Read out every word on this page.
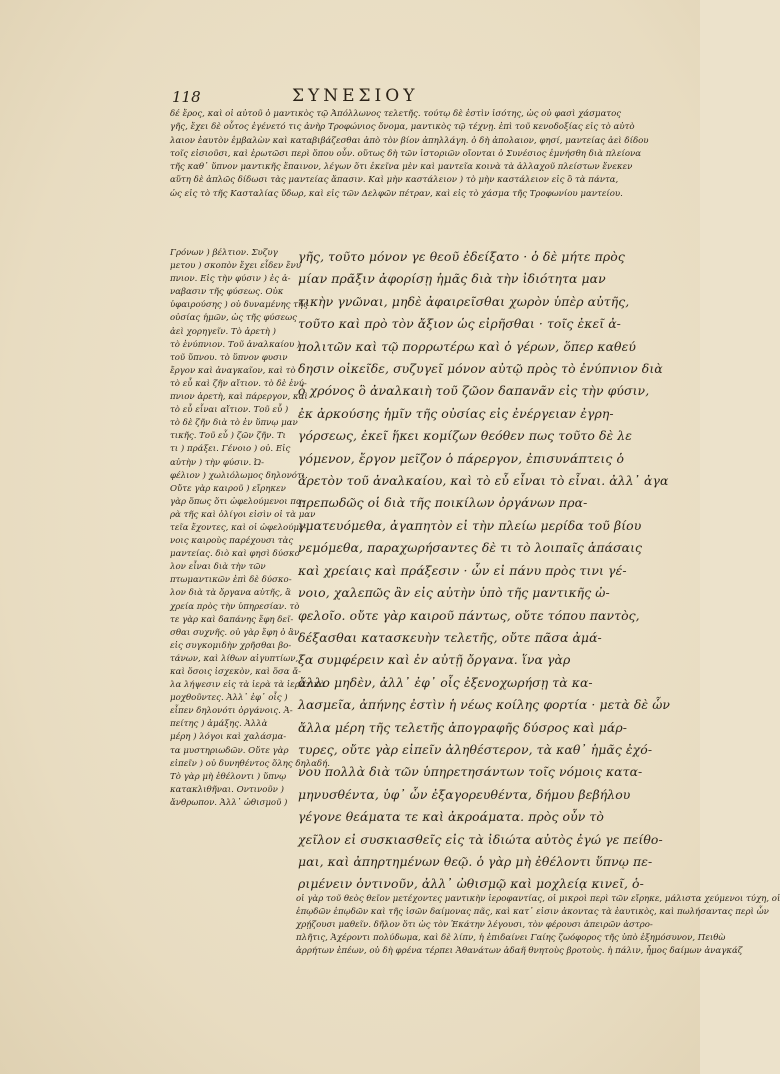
118	ΣΥΝΕΣΙΟΥ
δέ ἔρος, καὶ οἱ αὐτοῦ ὁ μαντικὸς τῷ Ἀπόλλωνος τελετῆς. τούτῳ δὲ ἐστὶν ἰσότης, ὡς οὐ φασὶ χάσματος
γῆς, ἔχει δὲ οὗτος ἐγένετό τις ἀνὴρ Τροφώνιος ὄνομα, μαντικὸς τῷ τέχνῃ. ἐπὶ τοῦ κενοδοξίας εἰς τὸ αὐτὸ
λαιον ἑαυτὸν ἐμβαλὼν καὶ καταβιβάζεσθαι ἀπὸ τὸν βίον ἀπηλλάγη. ὁ δὴ ἀπολαιον, φησί, μαντείας ἀεὶ δίδου
τοῖς εἰσιοῦσι, καὶ ἐρωτῶσι περὶ ὅπου οὖν. οὕτως δὴ τῶν ἱστοριῶν οἴονται ὁ Συνέσιος ἐμνήσθη διὰ πλείονα
τῆς καθ᾽ ὕπνον μαντικῆς ἔπαινον, λέγων ὅτι ἐκεῖνα μὲν καὶ μαντεῖα κοινὰ τὰ ἀλλαχοῦ πλείστων ἕνεκεν
αὕτη δὲ ἁπλῶς δίδωσι τὰς μαντείας ἅπασιν. Καὶ μὴν καστάλειον ) τὸ μὴν καστάλειον εἰς ὃ τὰ πάντα,
ὡς εἰς τὸ τῆς Κασταλίας ὕδωρ, καὶ εἰς τῶν Δελφῶν πέτραν, καὶ εἰς τὸ χάσμα τῆς Τροφωνίου μαντείου.
Γρόνων ) βέλτιον. Συζυγ
μετου ) σκοπὸν ἔχει εἶδεν ἔνυ
πνιον. Εἰς τὴν φύσιν ) ἐς ἀ-
ναβασιν τῆς φύσεως. Οὐκ
ὑφαιρούσης ) οὐ δυναμένης τῆς
οὐσίας ἡμῶν, ὡς τῆς φύσεως
ἀεὶ χορηγεῖν. Τὸ ἀρετὴ )
τὸ ἐνύπνιον. Τοῦ ἀναλκαίου )
τοῦ ὕπνου. τὸ ὕπνον φυσιν
ἔργον καὶ ἀναγκαῖον, καὶ τὸ
τὸ εὖ καὶ ζῆν αἴτιον. τὸ δὲ ἐνύ-
πνιον ἀρετὴ, καὶ πάρεργον, καὶ
τὸ εὖ εἶναι αἴτιον. Τοῦ εὖ )
τὸ δὲ ζῆν διὰ τὸ ἐν ὕπνῳ μαν
τικῆς. Τοῦ εὖ ) ζῶν ζῆν. Τι
τι ) πράξει. Γένοιο ) οὐ. Εἰς
αὐτὴν ) τὴν φύσιν. Ὠ-
φέλιον ) χωλιόλωμος δηλονότι.
Οὔτε γὰρ καιροῦ ) εἴρηκεν
γὰρ ὅπως ὅτι ὠφελούμενοι πα-
ρὰ τῆς καὶ ὀλίγοι εἰσὶν οἱ τὰ μαν
τεῖα ἔχοντες, καὶ οἱ ὠφελούμε-
νοις καιροὺς παρέχουσι τὰς
μαντείας. διὸ καὶ φησὶ δύσκο
λον εἶναι διὰ τὴν τῶν
πτωμαντικῶν ἐπὶ δὲ δύσκο-
λον διὰ τὰ ὄργανα αὐτῆς, ἃ
χρεία πρὸς τὴν ὑπηρεσίαν. τὸ
τε γὰρ καὶ δαπάνης ἔφη δεῖ-
σθαι συχνῆς. οὐ γὰρ ἔφη ὁ ἂν
εἰς συγκομιδὴν χρῆσθαι βο-
τάνων, καὶ λίθων αἰγυπτίων,
καὶ ὅσοις ἰσχεκὸν, καὶ ὅσα ἄ-
λα λήψεσιν εἰς τὰ ἱερὰ τὰ ἱερατικὰ
μοχθοῦντες. Ἀλλ᾽ ἐφ᾽ οἷς )
εἶπεν δηλονότι ὀργάνοις. Ἀ-
πείτης ) ἀμάξης. Ἀλλὰ
μέρη ) λόγοι καὶ χαλάσμα-
τα μυστηριωδῶν. Οὔτε γὰρ
εἰπεῖν ) οὐ δυνηθέντος ὅλης δηλαδή.
Τὸ γὰρ μὴ ἐθέλοντι ) ὕπνῳ
κατακλιθῆναι. Οντινοῦν )
ἄνθρωπον. Ἀλλ᾽ ὠθισμοῦ )
γῆς, τοῦτο μόνον γε θεοῦ ἐδείξατο · ὁ δὲ μήτε πρὸς
μίαν πρᾶξιν ἀφορίσῃ ἡμᾶς διὰ τὴν ἰδιότητα μαν
τικὴν γνῶναι, μηδὲ ἀφαιρεῖσθαι χωρὸν ὑπὲρ αὐτῆς,
τοῦτο καὶ πρὸ τὸν ἄξιον ὡς εἰρῆσθαι · τοῖς ἐκεῖ ἀ-
πολιτῶν καὶ τῷ πορρωτέρω καὶ ὁ γέρων, ὅπερ καθεύ
δησιν οἰκεῖδε, συζυγεῖ μόνον αὐτῷ πρὸς τὸ ἐνύπνιον διὰ
ὁ χρόνος ὃ ἀναλκαιὴ τοῦ ζῶον δαπανᾶν εἰς τὴν φύσιν,
ἐκ ἀρκούσης ἡμῖν τῆς οὐσίας εἰς ἐνέργειαν ἐγρη-
γόρσεως, ἐκεῖ ἥκει κομίζων θεόθεν πως τοῦτο δὲ λε
γόμενον, ἔργον μεῖζον ὁ πάρεργον, ἐπισυνάπτεις ὁ
ἀρετὸν τοῦ ἀναλκαίου, καὶ τὸ εὖ εἶναι τὸ εἶναι. ἀλλ᾽ ἀγα
πρεπωδῶς οἱ διὰ τῆς ποικίλων ὀργάνων πρα-
γματευόμεθα, ἀγαπητὸν εἰ τὴν πλείω μερίδα τοῦ βίου
νεμόμεθα, παραχωρήσαντες δὲ τι τὸ λοιπαῖς ἁπάσαις
καὶ χρείαις καὶ πράξεσιν · ὧν εἰ πάνυ πρὸς τινι γέ-
νοιο, χαλεπῶς ἂν εἰς αὐτὴν ὑπὸ τῆς μαντικῆς ὠ-
φελοῖο. οὔτε γὰρ καιροῦ πάντως, οὔτε τόπου παντὸς,
δέξασθαι κατασκευὴν τελετῆς, οὔτε πᾶσα ἀμά-
ξα συμφέρειν καὶ ἐν αὐτῇ ὄργανα. ἵνα γὰρ
ἄλλο μηδὲν, ἀλλ᾽ ἐφ᾽ οἷς ἐξενοχωρήσῃ τὰ κα-
λασμεῖα, ἀπήνης ἐστὶν ἡ νέως κοίλης φορτία · μετὰ δὲ ὧν
ἄλλα μέρη τῆς τελετῆς ἀπογραφῆς δύσρος καὶ μάρ-
τυρες, οὔτε γὰρ εἰπεῖν ἀληθέστερον, τὰ καθ᾽ ἡμᾶς ἐχό-
νου πολλὰ διὰ τῶν ὑπηρετησάντων τοῖς νόμοις κατα-
μηνυσθέντα, ὑφ᾽ ὧν ἐξαγορευθέντα, δήμου βεβήλου
γέγονε θεάματα τε καὶ ἀκροάματα. πρὸς οὖν τὸ
χεῖλον εἰ συσκιασθεῖς εἰς τὰ ἰδιώτα αὐτὸς ἐγώ γε πείθο-
μαι, καὶ ἀπηρτημένων θεῷ. ὁ γὰρ μὴ ἐθέλοντι ὕπνῳ πε-
ριμένειν ὁντινοῦν, ἀλλ᾽ ὠθισμῷ καὶ μοχλείᾳ κινεῖ, ὁ-
οἱ γὰρ τοῦ θεὸς θεῖον μετέχοντες μαντικὴν ἱεροφαντίας, οἱ μικροὶ περὶ τῶν εἴρηκε, μάλιστα χεύμενοι τύχη, οἱ
ἐπῳδῶν ἐπῳδῶν καὶ τῆς ἰσῶν δαίμονας πᾶς, καὶ κατ᾽ εἰσιν ἀκοντας τὰ ἑαυτικὸς, καὶ πωλήσαντας περὶ ὧν
χρῄζουσι μαθεῖν. δῆλον ὅτι ὡς τὸν Ἑκάτην λέγουσι, τὸν φέρουσι ἀπειρῶν ἀστρο-
πλῆτις, Ἀχέροντι πολύδωμα, καὶ δὲ λίπν, ἡ ἐπιδαίνει Γαίης ζωόφορος τῆς ὑπὸ ἐξημόσυνον, Πειθὼ
ἀρρήτων ἐπέων, οὐ δὴ φρένα τέρπει Ἀθανάτων ἀδαῆ θνητοὺς βροτοὺς. ἡ πάλιν, ἦμος δαίμων ἀναγκάζ
